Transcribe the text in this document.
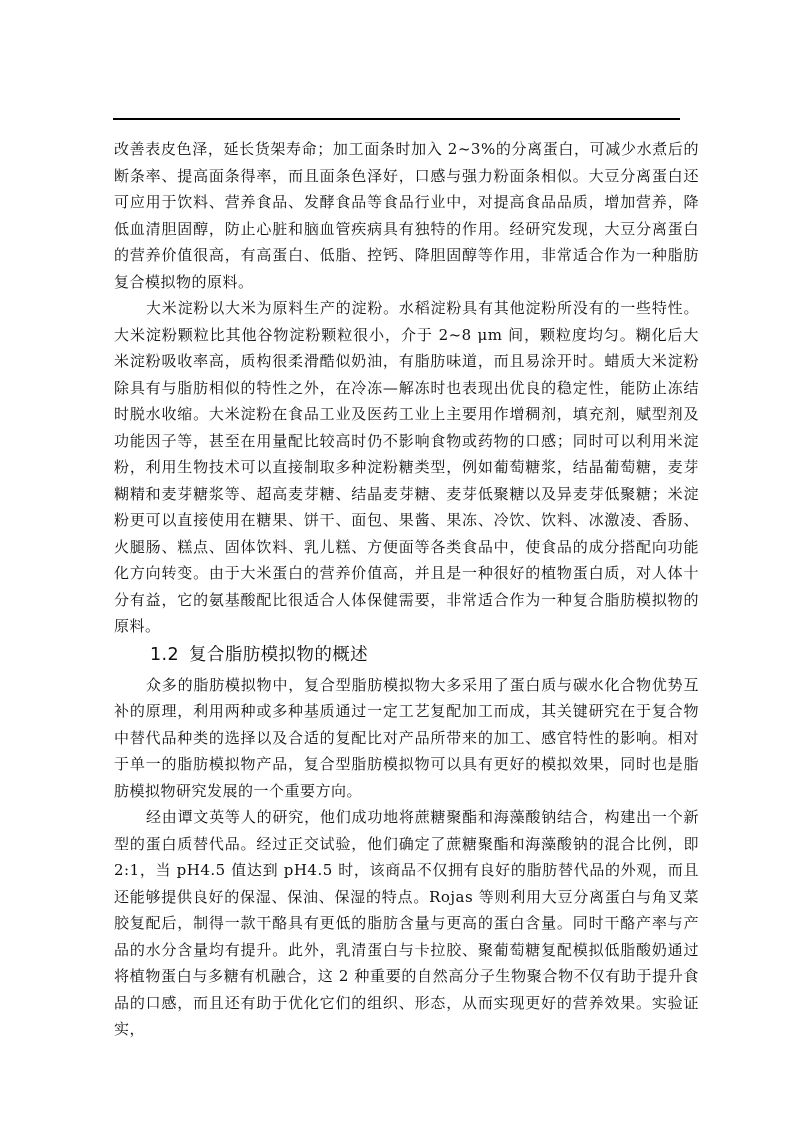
改善表皮色泽，延长货架寿命；加工面条时加入 2~3%的分离蛋白，可减少水煮后的断条率、提高面条得率，而且面条色泽好，口感与强力粉面条相似。大豆分离蛋白还可应用于饮料、营养食品、发酵食品等食品行业中，对提高食品品质，增加营养，降低血清胆固醇，防止心脏和脑血管疾病具有独特的作用。经研究发现，大豆分离蛋白的营养价值很高，有高蛋白、低脂、控钙、降胆固醇等作用，非常适合作为一种脂肪复合模拟物的原料。

大米淀粉以大米为原料生产的淀粉。水稻淀粉具有其他淀粉所没有的一些特性。大米淀粉颗粒比其他谷物淀粉颗粒很小，介于 2~8 μm 间，颗粒度均匀。糊化后大米淀粉吸收率高，质构很柔滑酷似奶油，有脂肪味道，而且易涂开时。蜡质大米淀粉除具有与脂肪相似的特性之外，在冷冻—解冻时也表现出优良的稳定性，能防止冻结时脱水收缩。大米淀粉在食品工业及医药工业上主要用作增稠剂，填充剂，赋型剂及功能因子等，甚至在用量配比较高时仍不影响食物或药物的口感；同时可以利用米淀粉，利用生物技术可以直接制取多种淀粉糖类型，例如葡萄糖浆，结晶葡萄糖，麦芽糊精和麦芽糖浆等、超高麦芽糖、结晶麦芽糖、麦芽低聚糖以及异麦芽低聚糖；米淀粉更可以直接使用在糖果、饼干、面包、果酱、果冻、冷饮、饮料、冰激凌、香肠、火腿肠、糕点、固体饮料、乳儿糕、方便面等各类食品中，使食品的成分搭配向功能化方向转变。由于大米蛋白的营养价值高，并且是一种很好的植物蛋白质，对人体十分有益，它的氨基酸配比很适合人体保健需要，非常适合作为一种复合脂肪模拟物的原料。

1.2 复合脂肪模拟物的概述

众多的脂肪模拟物中，复合型脂肪模拟物大多采用了蛋白质与碳水化合物优势互补的原理，利用两种或多种基质通过一定工艺复配加工而成，其关键研究在于复合物中替代品种类的选择以及合适的复配比对产品所带来的加工、感官特性的影响。相对于单一的脂肪模拟物产品，复合型脂肪模拟物可以具有更好的模拟效果，同时也是脂肪模拟物研究发展的一个重要方向。

经由谭文英等人的研究，他们成功地将蔗糖聚酯和海藻酸钠结合，构建出一个新型的蛋白质替代品。经过正交试验，他们确定了蔗糖聚酯和海藻酸钠的混合比例，即 2:1，当 pH4.5 值达到 pH4.5 时，该商品不仅拥有良好的脂肪替代品的外观，而且还能够提供良好的保湿、保油、保湿的特点。Rojas 等则利用大豆分离蛋白与角叉菜胶复配后，制得一款干酪具有更低的脂肪含量与更高的蛋白含量。同时干酪产率与产品的水分含量均有提升。此外，乳清蛋白与卡拉胶、聚葡萄糖复配模拟低脂酸奶通过将植物蛋白与多糖有机融合，这 2 种重要的自然高分子生物聚合物不仅有助于提升食品的口感，而且还有助于优化它们的组织、形态，从而实现更好的营养效果。实验证实，
